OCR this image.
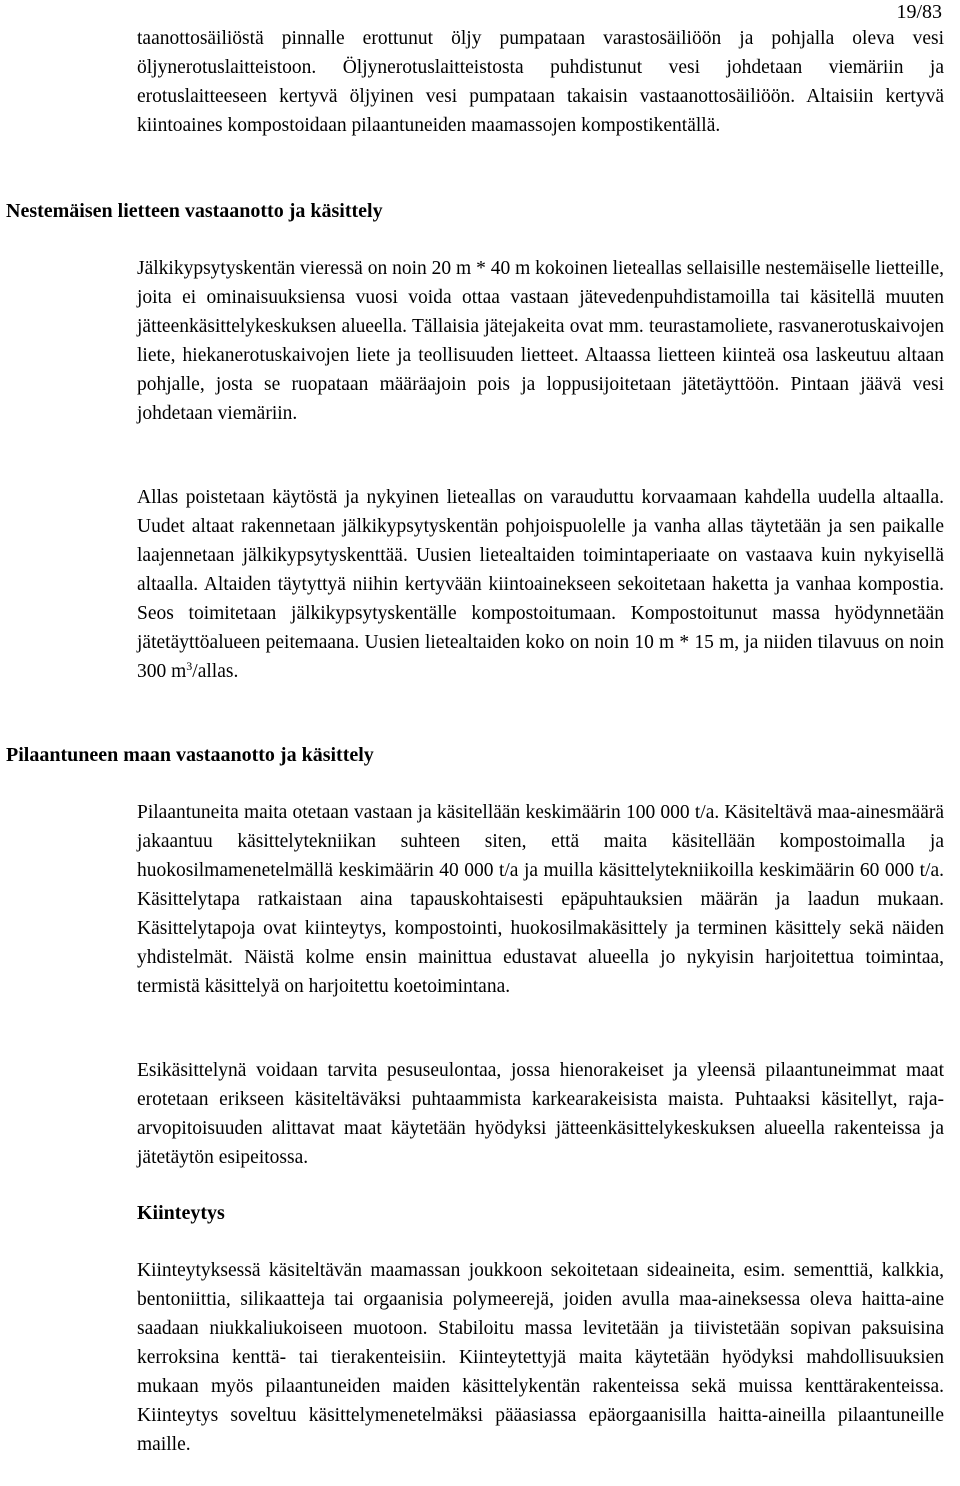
19/83

taanottosäiliöstä pinnalle erottunut öljy pumpataan varastosäiliöön ja pohjalla oleva vesi öljynerotuslaitteistoon. Öljynerotuslaitteistosta puhdistunut vesi johdetaan viemäriin ja erotuslaitteeseen kertyvä öljyinen vesi pumpataan takaisin vastaanottosäiliöön. Altaisiin kertyvä kiintoaines kompostoidaan pilaantuneiden maamassojen kompostikentällä.

Nestemäisen lietteen vastaanotto ja käsittely

Jälkikypsytyskentän vieressä on noin 20 m * 40 m kokoinen lieteallas sellaisille nestemäiselle lietteille, joita ei ominaisuuksiensa vuosi voida ottaa vastaan jätevedenpuhdistamoilla tai käsitellä muuten jätteenkäsittelykeskuksen alueella. Tällaisia jätejakeita ovat mm. teurastamoliete, rasvanerotuskaivojen liete, hiekanerotuskaivojen liete ja teollisuuden lietteet. Altaassa lietteen kiinteä osa laskeutuu altaan pohjalle, josta se ruopataan määräajoin pois ja loppusijoitetaan jätetäyttöön. Pintaan jäävä vesi johdetaan viemäriin.

Allas poistetaan käytöstä ja nykyinen lieteallas on varauduttu korvaamaan kahdella uudella altaalla. Uudet altaat rakennetaan jälkikypsytyskentän pohjoispuolelle ja vanha allas täytetään ja sen paikalle laajennetaan jälkikypsytyskenttää. Uusien lietealtaiden toimintaperiaate on vastaava kuin nykyisellä altaalla. Altaiden täytyttyä niihin kertyvään kiintoainekseen sekoitetaan haketta ja vanhaa kompostia. Seos toimitetaan jälkikypsytyskentälle kompostoitumaan. Kompostoitunut massa hyödynnetään jätetäyttöalueen peitemaana. Uusien lietealtaiden koko on noin 10 m * 15 m, ja niiden tilavuus on noin 300 $m^3$/allas.

Pilaantuneen maan vastaanotto ja käsittely

Pilaantuneita maita otetaan vastaan ja käsitellään keskimäärin 100 000 t/a. Käsiteltävä maa-ainesmäärä jakaantuu käsittelytekniikan suhteen siten, että maita käsitellään kompostoimalla ja huokosilmamenetelmällä keskimäärin 40 000 t/a ja muilla käsittelytekniikoilla keskimäärin 60 000 t/a. Käsittelytapa ratkaistaan aina tapauskohtaisesti epäpuhtauksien määrän ja laadun mukaan. Käsittelytapoja ovat kiinteytys, kompostointi, huokosilmakäsittely ja terminen käsittely sekä näiden yhdistelmät. Näistä kolme ensin mainittua edustavat alueella jo nykyisin harjoitettua toimintaa, termistä käsittelyä on harjoitettu koetoimintana.

Esikäsittelynä voidaan tarvita pesuseulontaa, jossa hienorakeiset ja yleensä pilaantuneimmat maat erotetaan erikseen käsiteltäväksi puhtaammista karkearakeisista maista. Puhtaaksi käsitellyt, raja-arvopitoisuuden alittavat maat käytetään hyödyksi jätteenkäsittelykeskuksen alueella rakenteissa ja jätetäytön esipeitossa.

Kiinteytys

Kiinteytyksessä käsiteltävän maamassan joukkoon sekoitetaan sideaineita, esim. sementtiä, kalkkia, bentoniittia, silikaatteja tai orgaanisia polymeerejä, joiden avulla maa-aineksessa oleva haitta-aine saadaan niukkaliukoiseen muotoon. Stabiloitu massa levitetään ja tiivistetään sopivan paksuisina kerroksina kenttä- tai tierakenteisiin. Kiinteytettyjä maita käytetään hyödyksi mahdollisuuksien mukaan myös pilaantuneiden maiden käsittelykentän rakenteissa sekä muissa kenttärakenteissa. Kiinteytys soveltuu käsittelymenetelmäksi pääasiassa epäorgaanisilla haitta-aineilla pilaantuneille maille.
